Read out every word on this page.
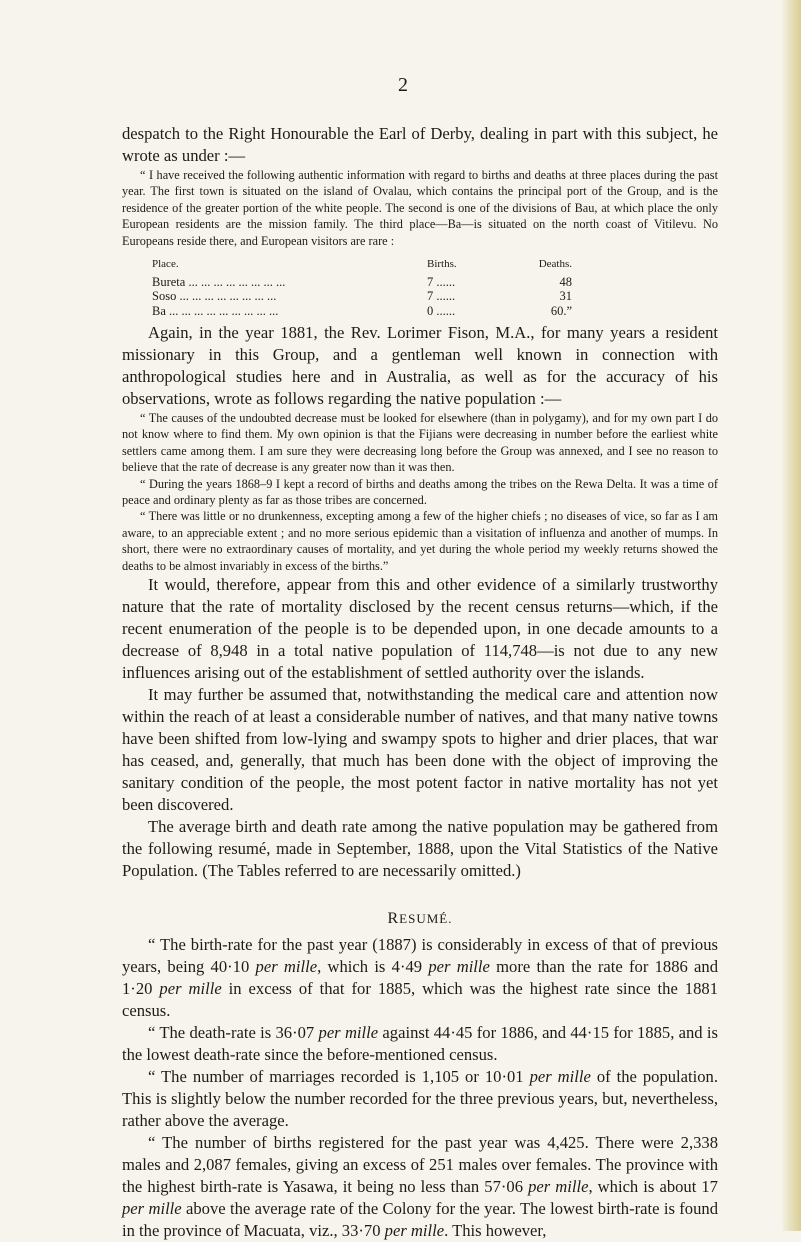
2

despatch to the Right Honourable the Earl of Derby, dealing in part with this subject, he wrote as under :—

“ I have received the following authentic information with regard to births and deaths at three places during the past year. The first town is situated on the island of Ovalau, which contains the principal port of the Group, and is the residence of the greater portion of the white people. The second is one of the divisions of Bau, at which place the only European residents are the mission family. The third place—Ba—is situated on the north coast of Vitilevu. No Europeans reside there, and European visitors are rare :

Place.	Births.	Deaths.
Bureta ... ... ... ... ... ... ... ...	7 ......	48
Soso ... ... ... ... ... ... ... ...	7 ......	31
Ba ... ... ... ... ... ... ... ... ...	0 ......	60.”

Again, in the year 1881, the Rev. Lorimer Fison, M.A., for many years a resident missionary in this Group, and a gentleman well known in connection with anthropological studies here and in Australia, as well as for the accuracy of his observations, wrote as follows regarding the native population :—

“ The causes of the undoubted decrease must be looked for elsewhere (than in polygamy), and for my own part I do not know where to find them. My own opinion is that the Fijians were decreasing in number before the earliest white settlers came among them. I am sure they were decreasing long before the Group was annexed, and I see no reason to believe that the rate of decrease is any greater now than it was then.

“ During the years 1868–9 I kept a record of births and deaths among the tribes on the Rewa Delta. It was a time of peace and ordinary plenty as far as those tribes are concerned.

“ There was little or no drunkenness, excepting among a few of the higher chiefs ; no diseases of vice, so far as I am aware, to an appreciable extent ; and no more serious epidemic than a visitation of influenza and another of mumps. In short, there were no extraordinary causes of mortality, and yet during the whole period my weekly returns showed the deaths to be almost invariably in excess of the births.”

It would, therefore, appear from this and other evidence of a similarly trustworthy nature that the rate of mortality disclosed by the recent census returns—which, if the recent enumeration of the people is to be depended upon, in one decade amounts to a decrease of 8,948 in a total native population of 114,748—is not due to any new influences arising out of the establishment of settled authority over the islands.

It may further be assumed that, notwithstanding the medical care and attention now within the reach of at least a considerable number of natives, and that many native towns have been shifted from low-lying and swampy spots to higher and drier places, that war has ceased, and, generally, that much has been done with the object of improving the sanitary condition of the people, the most potent factor in native mortality has not yet been discovered.

The average birth and death rate among the native population may be gathered from the following resumé, made in September, 1888, upon the Vital Statistics of the Native Population. (The Tables referred to are necessarily omitted.)

RESUMÉ.

“ The birth-rate for the past year (1887) is considerably in excess of that of previous years, being 40·10 per mille, which is 4·49 per mille more than the rate for 1886 and 1·20 per mille in excess of that for 1885, which was the highest rate since the 1881 census.

“ The death-rate is 36·07 per mille against 44·45 for 1886, and 44·15 for 1885, and is the lowest death-rate since the before-mentioned census.

“ The number of marriages recorded is 1,105 or 10·01 per mille of the population. This is slightly below the number recorded for the three previous years, but, nevertheless, rather above the average.

“ The number of births registered for the past year was 4,425. There were 2,338 males and 2,087 females, giving an excess of 251 males over females. The province with the highest birth-rate is Yasawa, it being no less than 57·06 per mille, which is about 17 per mille above the average rate of the Colony for the year. The lowest birth-rate is found in the province of Macuata, viz., 33·70 per mille. This however,
